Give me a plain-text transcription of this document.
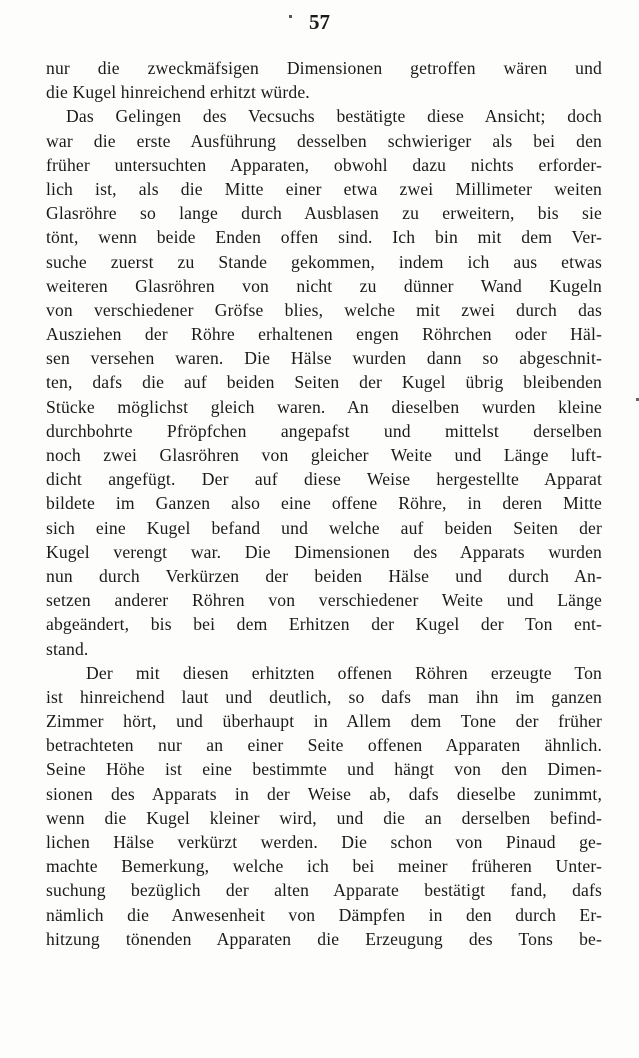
57
nur die zweckmäfsigen Dimensionen getroffen wären und
die Kugel hinreichend erhitzt würde.
Das Gelingen des Vecsuchs bestätigte diese Ansicht; doch
war die erste Ausführung desselben schwieriger als bei den
früher untersuchten Apparaten, obwohl dazu nichts erforder-
lich ist, als die Mitte einer etwa zwei Millimeter weiten
Glasröhre so lange durch Ausblasen zu erweitern, bis sie
tönt, wenn beide Enden offen sind. Ich bin mit dem Ver-
suche zuerst zu Stande gekommen, indem ich aus etwas
weiteren Glasröhren von nicht zu dünner Wand Kugeln
von verschiedener Gröfse blies, welche mit zwei durch das
Ausziehen der Röhre erhaltenen engen Röhrchen oder Häl-
sen versehen waren. Die Hälse wurden dann so abgeschnit-
ten, dafs die auf beiden Seiten der Kugel übrig bleibenden
Stücke möglichst gleich waren. An dieselben wurden kleine
durchbohrte Pfröpfchen angepafst und mittelst derselben
noch zwei Glasröhren von gleicher Weite und Länge luft-
dicht angefügt. Der auf diese Weise hergestellte Apparat
bildete im Ganzen also eine offene Röhre, in deren Mitte
sich eine Kugel befand und welche auf beiden Seiten der
Kugel verengt war. Die Dimensionen des Apparats wurden
nun durch Verkürzen der beiden Hälse und durch An-
setzen anderer Röhren von verschiedener Weite und Länge
abgeändert, bis bei dem Erhitzen der Kugel der Ton ent-
stand.
Der mit diesen erhitzten offenen Röhren erzeugte Ton
ist hinreichend laut und deutlich, so dafs man ihn im ganzen
Zimmer hört, und überhaupt in Allem dem Tone der früher
betrachteten nur an einer Seite offenen Apparaten ähnlich.
Seine Höhe ist eine bestimmte und hängt von den Dimen-
sionen des Apparats in der Weise ab, dafs dieselbe zunimmt,
wenn die Kugel kleiner wird, und die an derselben befind-
lichen Hälse verkürzt werden. Die schon von Pinaud ge-
machte Bemerkung, welche ich bei meiner früheren Unter-
suchung bezüglich der alten Apparate bestätigt fand, dafs
nämlich die Anwesenheit von Dämpfen in den durch Er-
hitzung tönenden Apparaten die Erzeugung des Tons be-
